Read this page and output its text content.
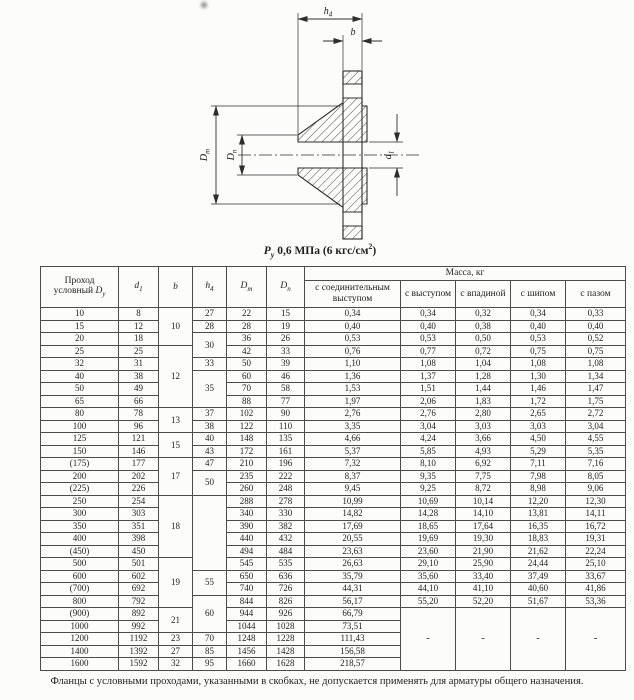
$h_4$
b
$D_m$
$D_n$
$d_1$
$P_у$ 0,6 МПа (6 кгс/$см^2$)
Проход
условный $D_у$	$d_1$	b	$h_4$	$D_m$	$D_n$	Масса, кг				
						с соединительным выступом	с выступом	с впадиной	с шипом	с пазом
10	8	10	27	22	15	0,34	0,34	0,32	0,34	0,33
15	12		28	28	19	0,40	0,40	0,38	0,40	0,40
20	18		30	36	26	0,53	0,53	0,50	0,53	0,52
25	25	12		42	33	0,76	0,77	0,72	0,75	0,75
32	31		33	50	39	1,10	1,08	1,04	1,08	1,08
40	38		35	60	46	1,36	1,37	1,28	1,30	1,34
50	49			70	58	1,53	1,51	1,44	1,46	1,47
65	66			88	77	1,97	2,06	1,83	1,72	1,75
80	78	13	37	102	90	2,76	2,76	2,80	2,65	2,72
100	96		38	122	110	3,35	3,04	3,03	3,03	3,04
125	121	15	40	148	135	4,66	4,24	3,66	4,50	4,55
150	146		43	172	161	5,37	5,85	4,93	5,29	5,35
(175)	177	17	47	210	196	7,32	8,10	6,92	7,11	7,16
200	202		50	235	222	8,37	9,35	7,75	7,98	8,05
(225)	226			260	248	9,45	9,25	8,72	8,98	9,06
250	254	18		288	278	10,99	10,69	10,14	12,20	12,30
300	303			340	330	14,82	14,28	14,10	13,81	14,11
350	351			390	382	17,69	18,65	17,64	16,35	16,72
400	398			440	432	20,55	19,69	19,30	18,83	19,31
(450)	450			494	484	23,63	23,60	21,90	21,62	22,24
500	501	19		545	535	26,63	29,10	25,90	24,44	25,10
600	602		55	650	636	35,79	35,60	33,40	37,49	33,67
(700)	692			740	726	44,31	44,10	41,10	40,60	41,86
800	792		60	844	826	56,17	55,20	52,20	51,67	53,36
(900)	892	21		944	926	66,79	-	-	-	-
1000	992			1044	1028	73,51				
1200	1192	23	70	1248	1228	111,43				
1400	1392	27	85	1456	1428	156,58				
1600	1592	32	95	1660	1628	218,57				
Фланцы с условными проходами, указанными в скобках, не допускается применять для арматуры общего назначения.
